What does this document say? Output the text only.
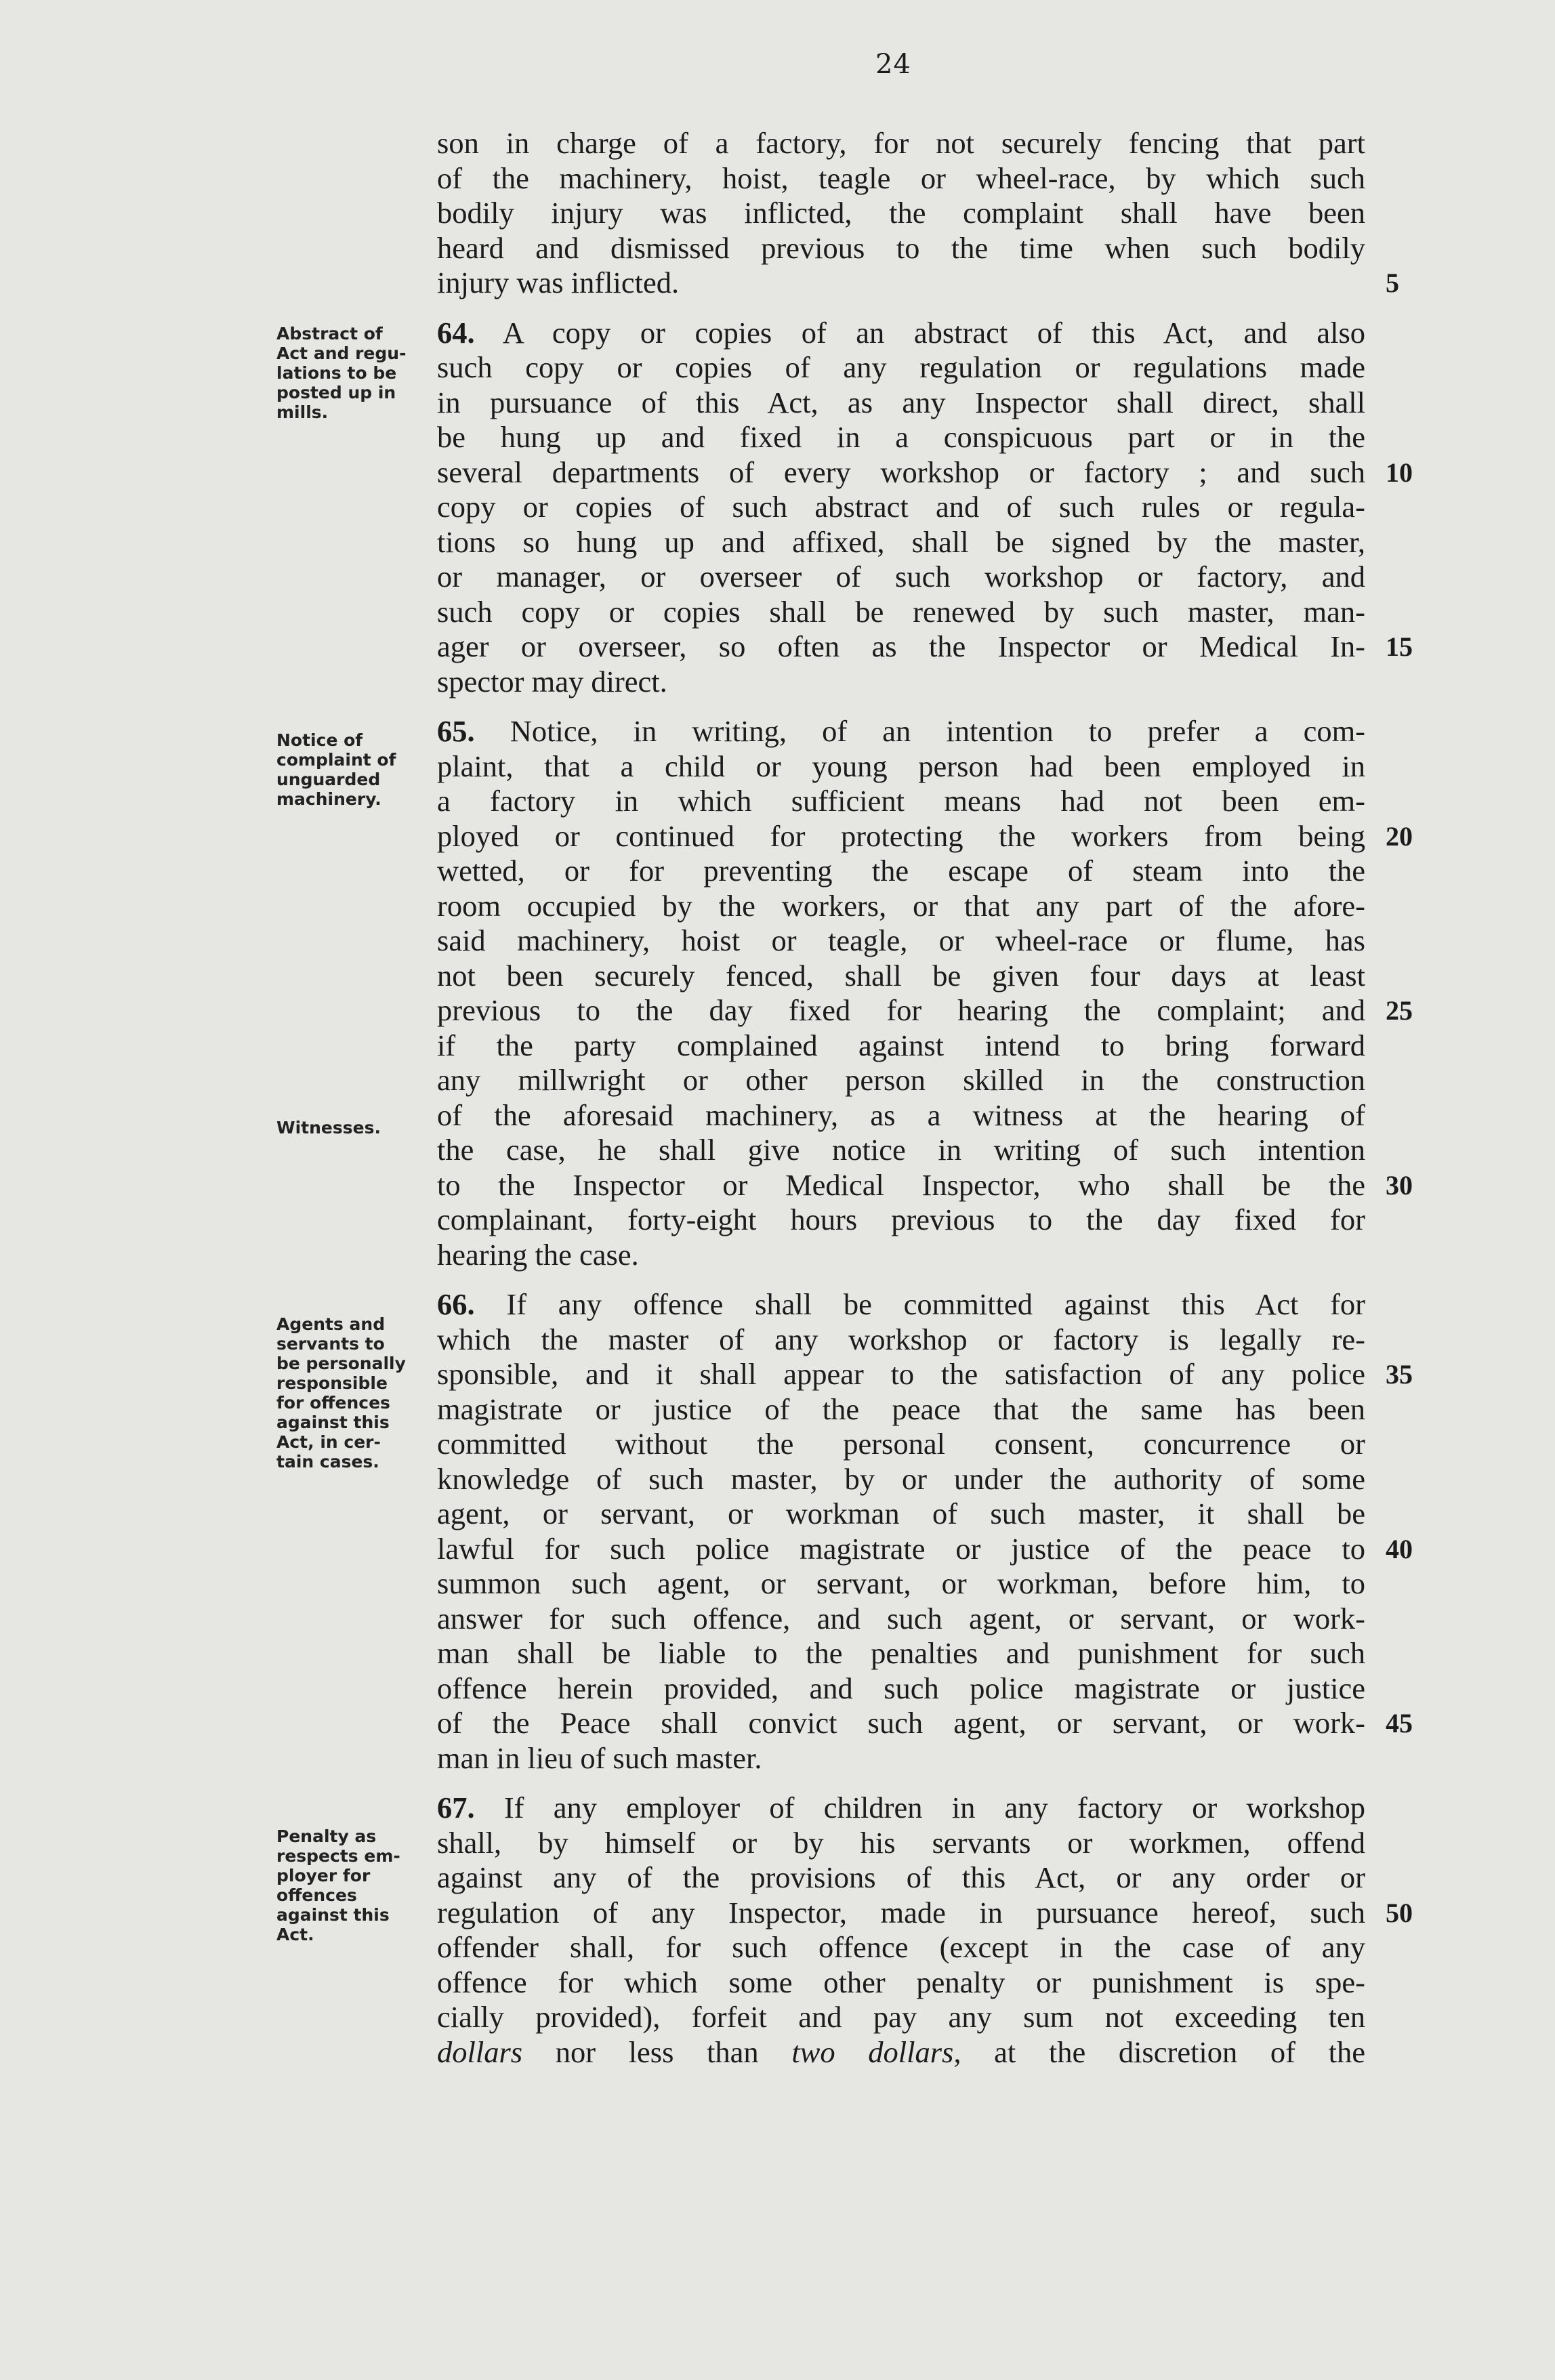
24
Abstract of
Act and regu-
lations to be
posted up in
mills.
Notice of
complaint of
unguarded
machinery.
Witnesses.
Agents and
servants to
be personally
responsible
for offences
against this
Act, in cer-
tain cases.
Penalty as
respects em-
ployer for
offences
against this
Act.
son in charge of a factory, for not securely fencing that part
of the machinery, hoist, teagle or wheel-race, by which such
bodily injury was inflicted, the complaint shall have been
heard and dismissed previous to the time when such bodily
injury was inflicted.	5
64. A copy or copies of an abstract of this Act, and also
such copy or copies of any regulation or regulations made
in pursuance of this Act, as any Inspector shall direct, shall
be hung up and fixed in a conspicuous part or in the
several departments of every workshop or factory ; and such 10
copy or copies of such abstract and of such rules or regula-
tions so hung up and affixed, shall be signed by the master,
or manager, or overseer of such workshop or factory, and
such copy or copies shall be renewed by such master, man-
ager or overseer, so often as the Inspector or Medical In- 15
spector may direct.
65. Notice, in writing, of an intention to prefer a com-
plaint, that a child or young person had been employed in
a factory in which sufficient means had not been em-
ployed or continued for protecting the workers from being 20
wetted, or for preventing the escape of steam into the
room occupied by the workers, or that any part of the afore-
said machinery, hoist or teagle, or wheel-race or flume, has
not been securely fenced, shall be given four days at least
previous to the day fixed for hearing the complaint; and 25
if the party complained against intend to bring forward
any millwright or other person skilled in the construction
of the aforesaid machinery, as a witness at the hearing of
the case, he shall give notice in writing of such intention
to the Inspector or Medical Inspector, who shall be the 30
complainant, forty-eight hours previous to the day fixed for
hearing the case.
66. If any offence shall be committed against this Act for
which the master of any workshop or factory is legally re-
sponsible, and it shall appear to the satisfaction of any police 35
magistrate or justice of the peace that the same has been
committed without the personal consent, concurrence or
knowledge of such master, by or under the authority of some
agent, or servant, or workman of such master, it shall be
lawful for such police magistrate or justice of the peace to 40
summon such agent, or servant, or workman, before him, to
answer for such offence, and such agent, or servant, or work-
man shall be liable to the penalties and punishment for such
offence herein provided, and such police magistrate or justice
of the Peace shall convict such agent, or servant, or work- 45
man in lieu of such master.
67. If any employer of children in any factory or workshop
shall, by himself or by his servants or workmen, offend
against any of the provisions of this Act, or any order or
regulation of any Inspector, made in pursuance hereof, such 50
offender shall, for such offence (except in the case of any
offence for which some other penalty or punishment is spe-
cially provided), forfeit and pay any sum not exceeding ten
dollars nor less than two dollars, at the discretion of the
